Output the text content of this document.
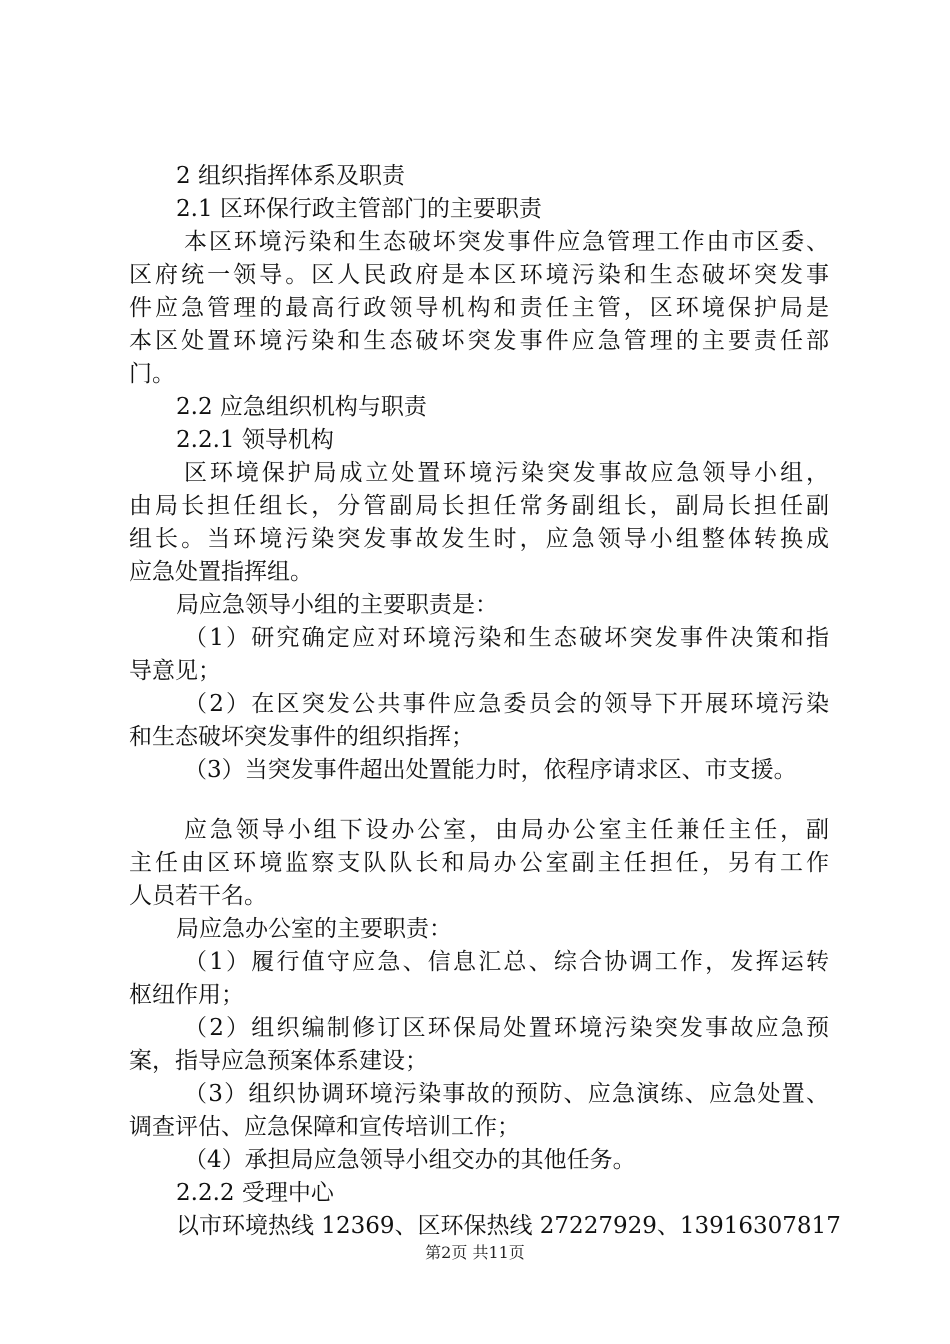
2 组织指挥体系及职责
2.1 区环保行政主管部门的主要职责
本区环境污染和生态破坏突发事件应急管理工作由市区委、
区府统一领导。区人民政府是本区环境污染和生态破坏突发事
件应急管理的最高行政领导机构和责任主管，区环境保护局是
本区处置环境污染和生态破坏突发事件应急管理的主要责任部
门。
2.2 应急组织机构与职责
2.2.1 领导机构
区环境保护局成立处置环境污染突发事故应急领导小组，
由局长担任组长，分管副局长担任常务副组长，副局长担任副
组长。当环境污染突发事故发生时，应急领导小组整体转换成
应急处置指挥组。
局应急领导小组的主要职责是：
（1）研究确定应对环境污染和生态破坏突发事件决策和指
导意见；
（2）在区突发公共事件应急委员会的领导下开展环境污染
和生态破坏突发事件的组织指挥；
（3）当突发事件超出处置能力时，依程序请求区、市支援。
应急领导小组下设办公室，由局办公室主任兼任主任，副
主任由区环境监察支队队长和局办公室副主任担任，另有工作
人员若干名。
局应急办公室的主要职责：
（1）履行值守应急、信息汇总、综合协调工作，发挥运转
枢纽作用；
（2）组织编制修订区环保局处置环境污染突发事故应急预
案，指导应急预案体系建设；
（3）组织协调环境污染事故的预防、应急演练、应急处置、
调查评估、应急保障和宣传培训工作；
（4）承担局应急领导小组交办的其他任务。
2.2.2 受理中心
以市环境热线 12369、区环保热线 27227929、13916307817
第2页 共11页
